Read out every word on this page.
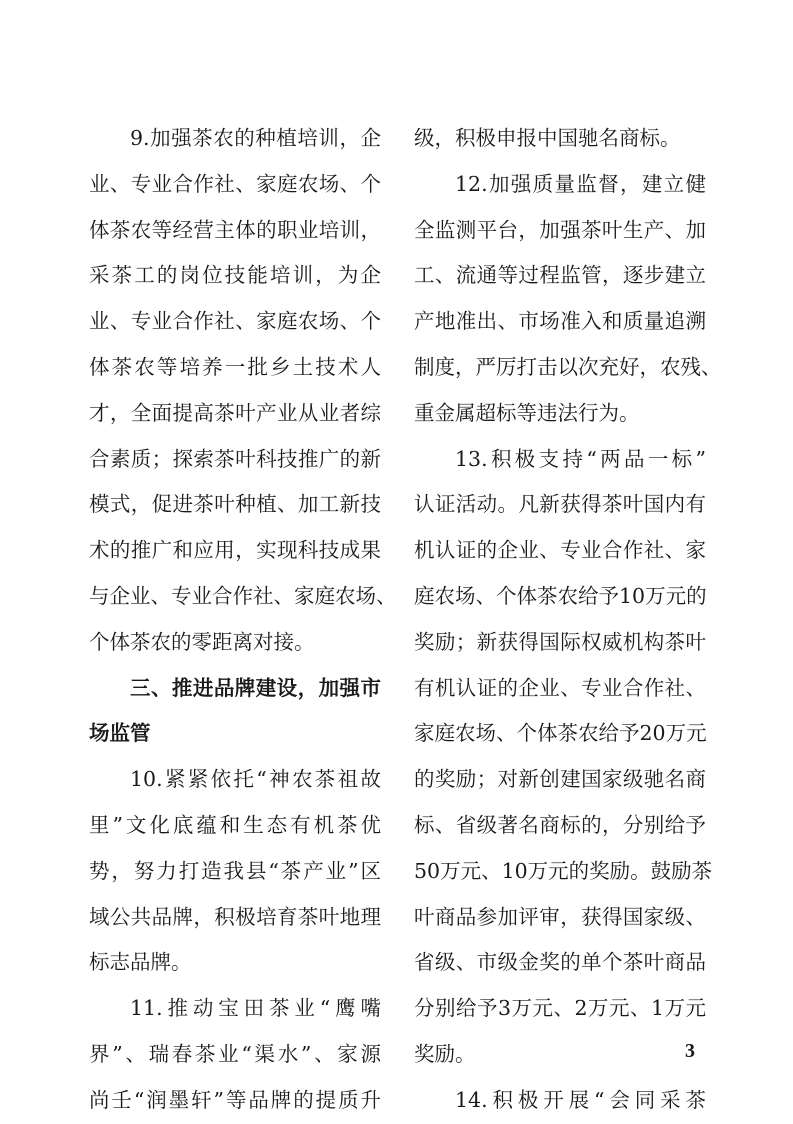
9.加强茶农的种植培训，企
业、专业合作社、家庭农场、个
体茶农等经营主体的职业培训，
采茶工的岗位技能培训，为企
业、专业合作社、家庭农场、个
体茶农等培养一批乡土技术人
才，全面提高茶叶产业从业者综
合素质；探索茶叶科技推广的新
模式，促进茶叶种植、加工新技
术的推广和应用，实现科技成果
与企业、专业合作社、家庭农场、
个体茶农的零距离对接。
三、推进品牌建设，加强市
场监管
10.紧紧依托“神农茶祖故
里”文化底蕴和生态有机茶优
势，努力打造我县“茶产业”区
域公共品牌，积极培育茶叶地理
标志品牌。
11.推动宝田茶业“鹰嘴
界”、瑞春茶业“渠水”、家源
尚壬“润墨轩”等品牌的提质升
级，积极申报中国驰名商标。
12.加强质量监督，建立健
全监测平台，加强茶叶生产、加
工、流通等过程监管，逐步建立
产地准出、市场准入和质量追溯
制度，严厉打击以次充好，农残、
重金属超标等违法行为。
13.积极支持“两品一标”
认证活动。凡新获得茶叶国内有
机认证的企业、专业合作社、家
庭农场、个体茶农给予10万元的
奖励；新获得国际权威机构茶叶
有机认证的企业、专业合作社、
家庭农场、个体茶农给予20万元
的奖励；对新创建国家级驰名商
标、省级著名商标的，分别给予
50万元、10万元的奖励。鼓励茶
叶商品参加评审，获得国家级、
省级、市级金奖的单个茶叶商品
分别给予3万元、2万元、1万元
奖励。
14.积极开展“会同采茶
3
